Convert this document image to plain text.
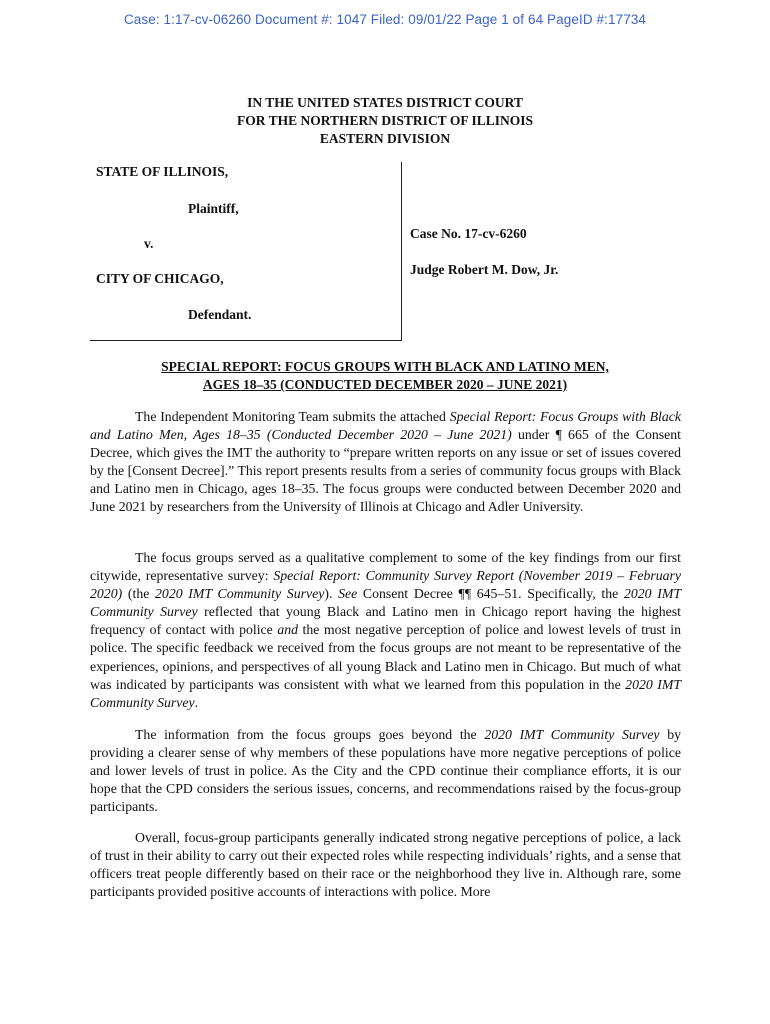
Case: 1:17-cv-06260 Document #: 1047 Filed: 09/01/22 Page 1 of 64 PageID #:17734
IN THE UNITED STATES DISTRICT COURT
FOR THE NORTHERN DISTRICT OF ILLINOIS
EASTERN DIVISION
STATE OF ILLINOIS,
Plaintiff,
v.
CITY OF CHICAGO,
Defendant.
Case No. 17-cv-6260
Judge Robert M. Dow, Jr.
SPECIAL REPORT: FOCUS GROUPS WITH BLACK AND LATINO MEN,
AGES 18–35 (CONDUCTED DECEMBER 2020 – JUNE 2021)

The Independent Monitoring Team submits the attached Special Report: Focus Groups with Black and Latino Men, Ages 18–35 (Conducted December 2020 – June 2021) under ¶ 665 of the Consent Decree, which gives the IMT the authority to “prepare written reports on any issue or set of issues covered by the [Consent Decree].” This report presents results from a series of community focus groups with Black and Latino men in Chicago, ages 18–35. The focus groups were conducted between December 2020 and June 2021 by researchers from the University of Illinois at Chicago and Adler University.

The focus groups served as a qualitative complement to some of the key findings from our first citywide, representative survey: Special Report: Community Survey Report (November 2019 – February 2020) (the 2020 IMT Community Survey). See Consent Decree ¶¶ 645–51. Specifically, the 2020 IMT Community Survey reflected that young Black and Latino men in Chicago report having the highest frequency of contact with police and the most negative perception of police and lowest levels of trust in police. The specific feedback we received from the focus groups are not meant to be representative of the experiences, opinions, and perspectives of all young Black and Latino men in Chicago. But much of what was indicated by participants was consistent with what we learned from this population in the 2020 IMT Community Survey.

The information from the focus groups goes beyond the 2020 IMT Community Survey by providing a clearer sense of why members of these populations have more negative perceptions of police and lower levels of trust in police. As the City and the CPD continue their compliance efforts, it is our hope that the CPD considers the serious issues, concerns, and recommendations raised by the focus-group participants.

Overall, focus-group participants generally indicated strong negative perceptions of police, a lack of trust in their ability to carry out their expected roles while respecting individuals’ rights, and a sense that officers treat people differently based on their race or the neighborhood they live in. Although rare, some participants provided positive accounts of interactions with police. More
